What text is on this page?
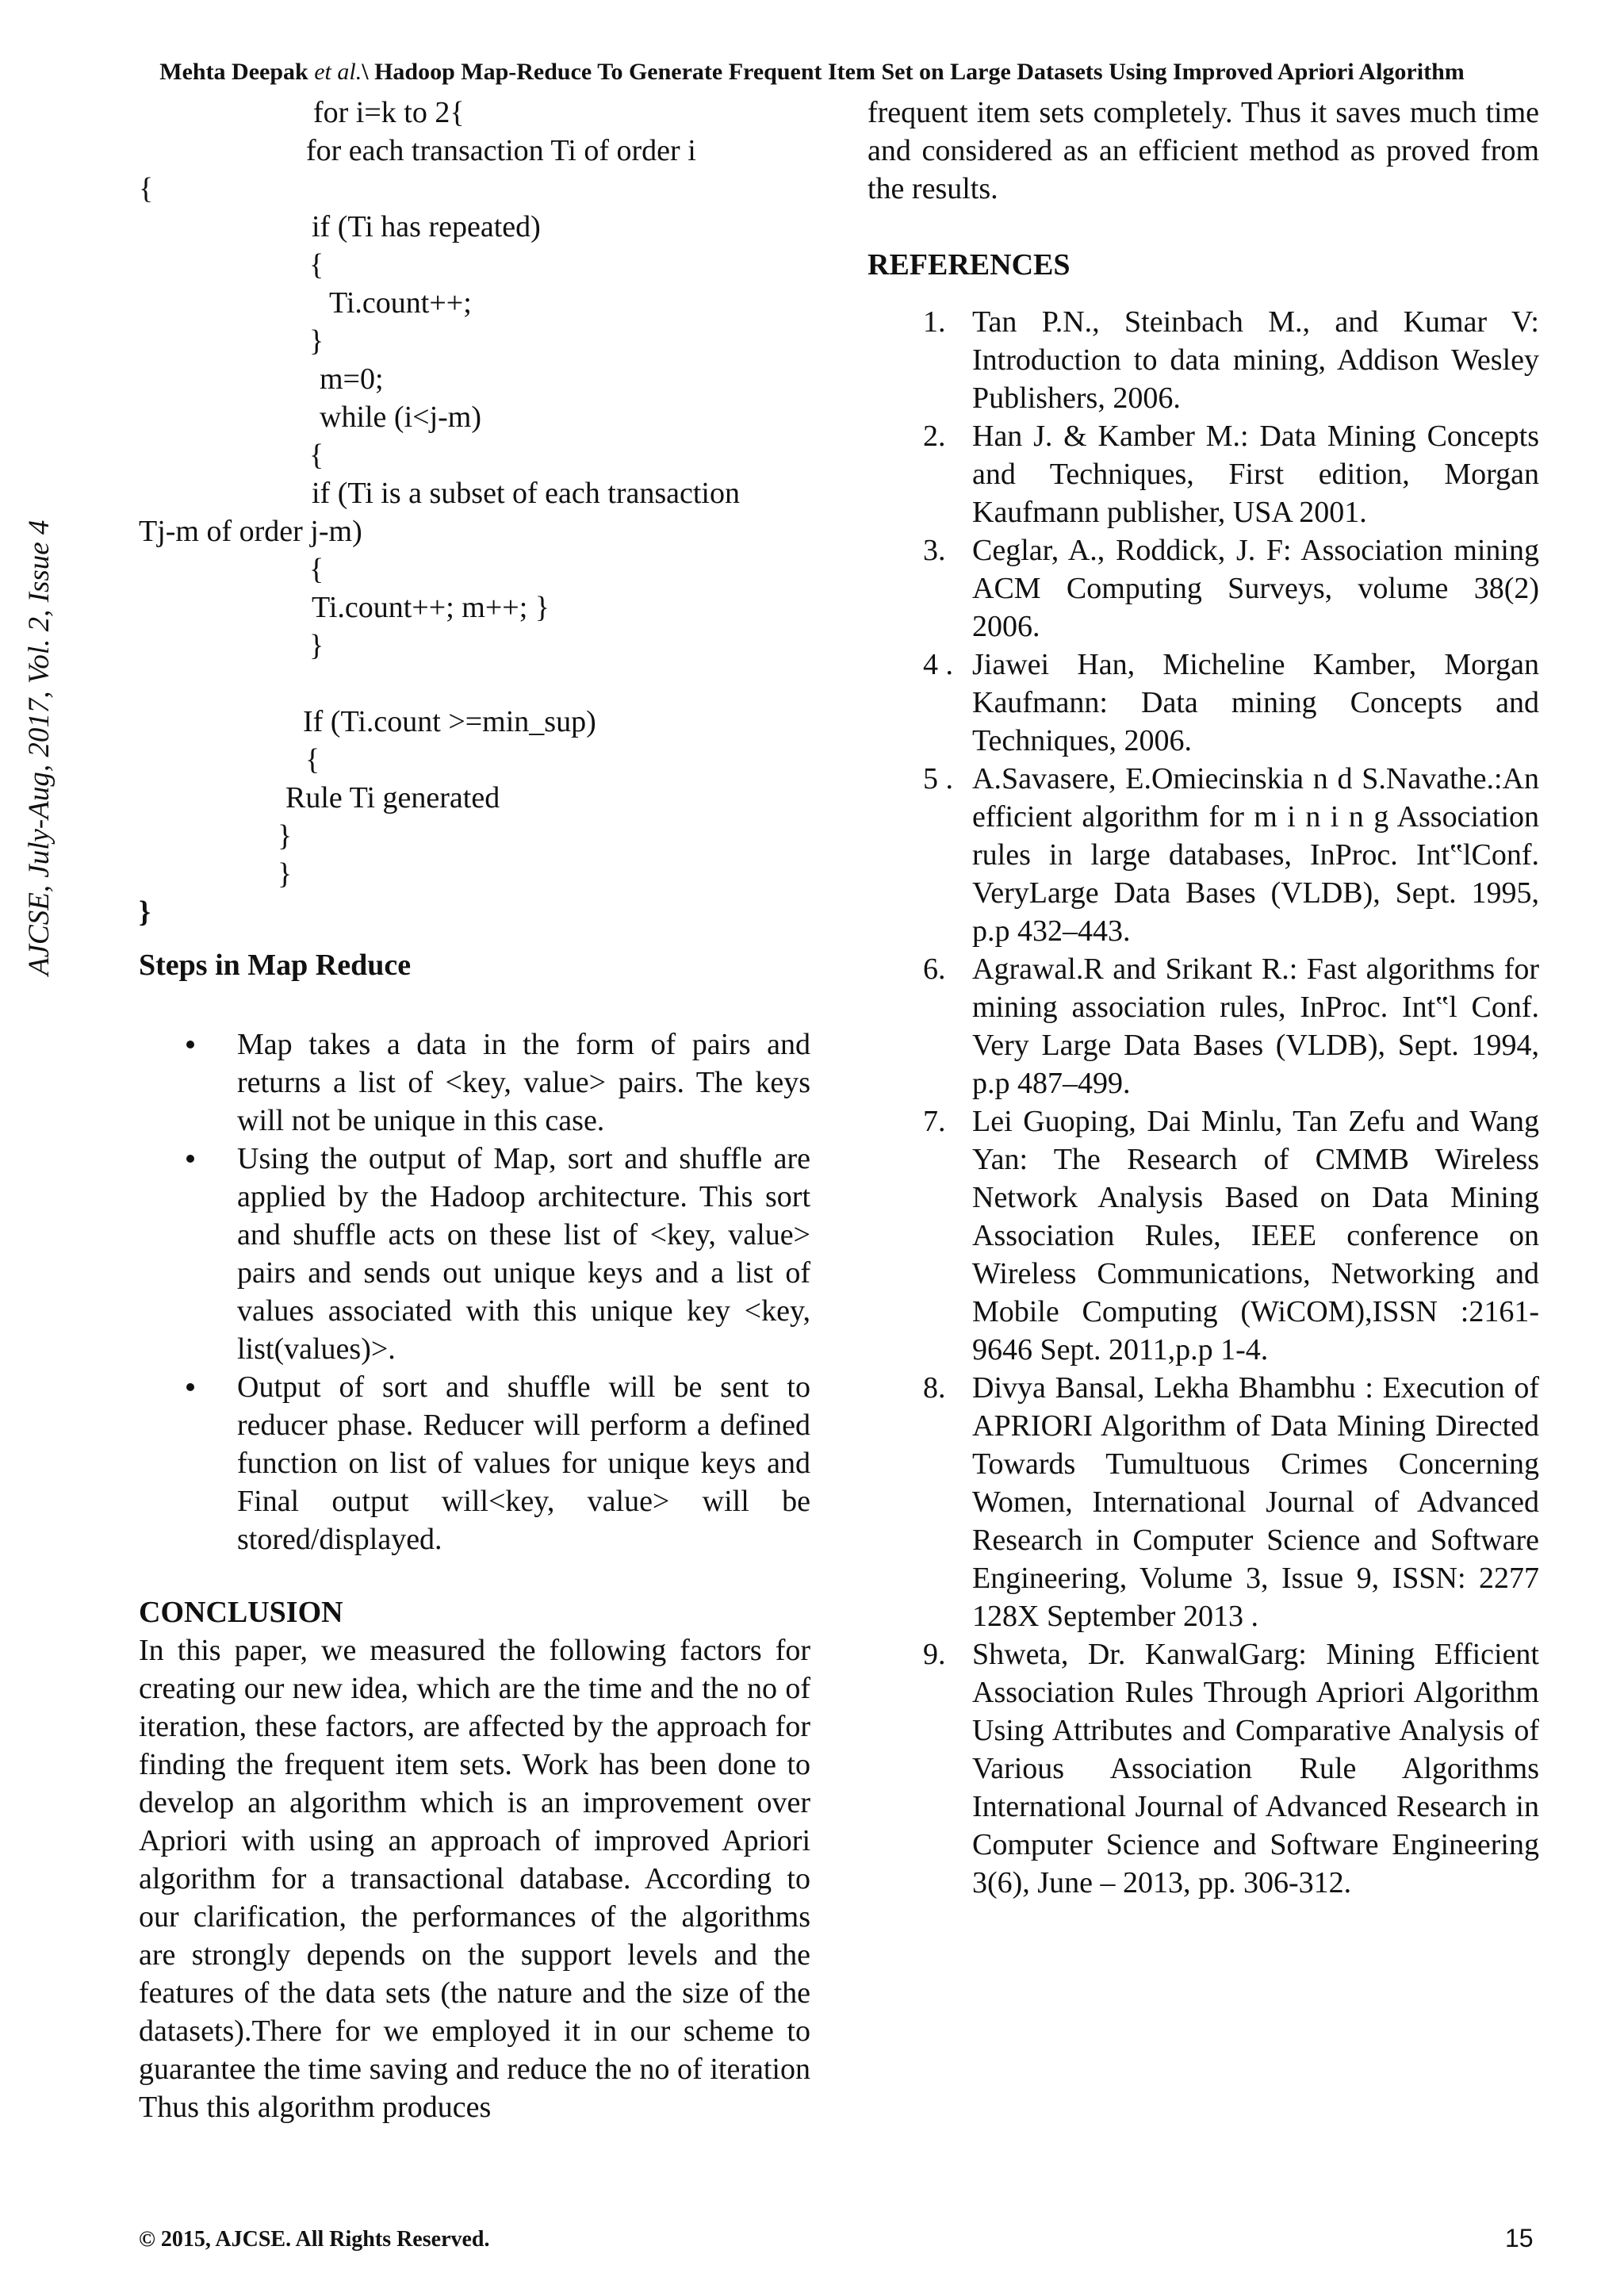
Mehta Deepak et al.\ Hadoop Map-Reduce To Generate Frequent Item Set on Large Datasets Using Improved Apriori Algorithm
AJCSE, July-Aug, 2017, Vol. 2, Issue 4
for i=k to 2{
for each transaction Ti of order i
{
if (Ti has repeated)
{
Ti.count++;
}
m=0;
while (i<j-m)
{
if (Ti is a subset of each transaction
Tj-m of order j-m)
{
Ti.count++; m++; }
}
If (Ti.count >=min_sup)
{
Rule Ti generated
}
}
}
Steps in Map Reduce
Map takes a data in the form of pairs and returns a list of <key, value> pairs. The keys will not be unique in this case.
Using the output of Map, sort and shuffle are applied by the Hadoop architecture. This sort and shuffle acts on these list of <key, value> pairs and sends out unique keys and a list of values associated with this unique key <key, list(values)>.
Output of sort and shuffle will be sent to reducer phase. Reducer will perform a defined function on list of values for unique keys and Final output will<key, value> will be stored/displayed.
CONCLUSION

In this paper, we measured the following factors for creating our new idea, which are the time and the no of iteration, these factors, are affected by the approach for finding the frequent item sets. Work has been done to develop an algorithm which is an improvement over Apriori with using an approach of improved Apriori algorithm for a transactional database. According to our clarification, the performances of the algorithms are strongly depends on the support levels and the features of the data sets (the nature and the size of the datasets).There for we employed it in our scheme to guarantee the time saving and reduce the no of iteration Thus this algorithm produces

frequent item sets completely. Thus it saves much time and considered as an efficient method as proved from the results.

REFERENCES
1. Tan P.N., Steinbach M., and Kumar V: Introduction to data mining, Addison Wesley Publishers, 2006.
2. Han J. & Kamber M.: Data Mining Concepts and Techniques, First edition, Morgan Kaufmann publisher, USA 2001.
3. Ceglar, A., Roddick, J. F: Association mining ACM Computing Surveys, volume 38(2) 2006.
4 . Jiawei Han, Micheline Kamber, Morgan Kaufmann: Data mining Concepts and Techniques, 2006.
5 . A.Savasere, E.Omiecinskia n d S.Navathe.:An efficient algorithm for m i n i n g Association rules in large databases, InProc. Int‟lConf. VeryLarge Data Bases (VLDB), Sept. 1995, p.p 432–443.
6. Agrawal.R and Srikant R.: Fast algorithms for mining association rules, InProc. Int‟l Conf. Very Large Data Bases (VLDB), Sept. 1994, p.p 487–499.
7. Lei Guoping, Dai Minlu, Tan Zefu and Wang Yan: The Research of CMMB Wireless Network Analysis Based on Data Mining Association Rules, IEEE conference on Wireless Communications, Networking and Mobile Computing (WiCOM),ISSN :2161- 9646 Sept. 2011,p.p 1-4.
8. Divya Bansal, Lekha Bhambhu : Execution of APRIORI Algorithm of Data Mining Directed Towards Tumultuous Crimes Concerning Women, International Journal of Advanced Research in Computer Science and Software Engineering, Volume 3, Issue 9, ISSN: 2277 128X September 2013 .
9. Shweta, Dr. KanwalGarg: Mining Efficient Association Rules Through Apriori Algorithm Using Attributes and Comparative Analysis of Various Association Rule Algorithms International Journal of Advanced Research in Computer Science and Software Engineering 3(6), June – 2013, pp. 306-312.
© 2015, AJCSE. All Rights Reserved.	15
